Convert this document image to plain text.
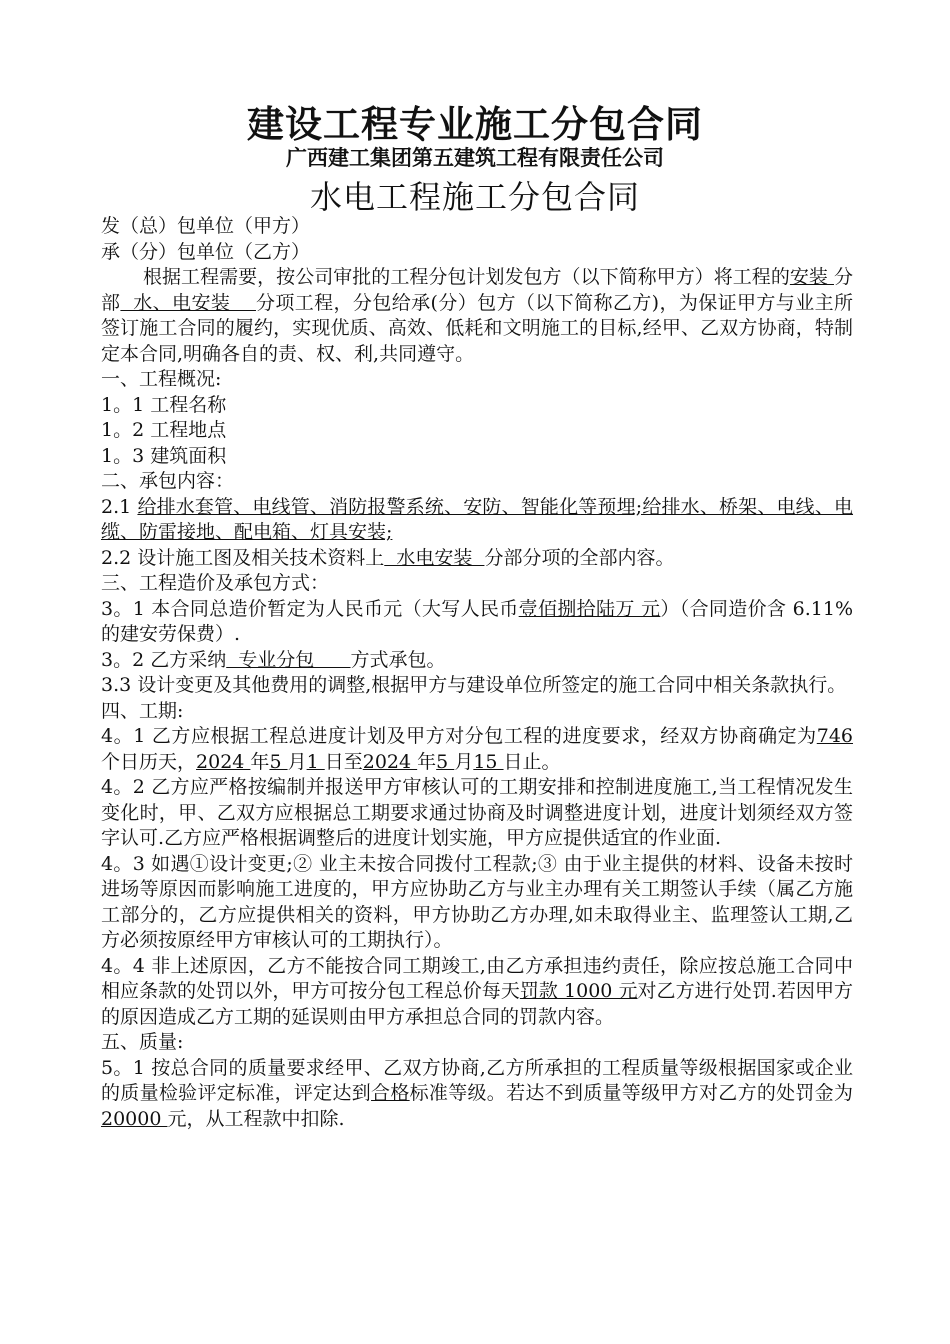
建设工程专业施工分包合同
广西建工集团第五建筑工程有限责任公司
水电工程施工分包合同

发（总）包单位（甲方）

承（分）包单位（乙方）

根据工程需要，按公司审批的工程分包计划发包方（以下简称甲方）将工程的安装 分部  水、电安装    分项工程，分包给承(分）包方（以下简称乙方)，为保证甲方与业主所签订施工合同的履约，实现优质、高效、低耗和文明施工的目标,经甲、乙双方协商，特制定本合同,明确各自的责、权、利,共同遵守。

一、工程概况:

1。1 工程名称

1。2 工程地点

1。3 建筑面积

二、承包内容：

2.1 给排水套管、电线管、消防报警系统、安防、智能化等预埋;给排水、桥架、电线、电缆、防雷接地、配电箱、灯具安装;

2.2 设计施工图及相关技术资料上  水电安装  分部分项的全部内容。

三、工程造价及承包方式：

3。1 本合同总造价暂定为人民币元（大写人民币壹佰捌拾陆万 元）（合同造价含 6.11%的建安劳保费）.

3。2 乙方采纳  专业分包      方式承包。

3.3 设计变更及其他费用的调整,根据甲方与建设单位所签定的施工合同中相关条款执行。

四、工期:

4。1 乙方应根据工程总进度计划及甲方对分包工程的进度要求，经双方协商确定为746 个日历天，2024 年5 月1 日至2024 年5 月15 日止。

4。2 乙方应严格按编制并报送甲方审核认可的工期安排和控制进度施工,当工程情况发生变化时，甲、乙双方应根据总工期要求通过协商及时调整进度计划，进度计划须经双方签字认可.乙方应严格根据调整后的进度计划实施，甲方应提供适宜的作业面.

4。3 如遇①设计变更;② 业主未按合同拨付工程款;③ 由于业主提供的材料、设备未按时进场等原因而影响施工进度的，甲方应协助乙方与业主办理有关工期签认手续（属乙方施工部分的，乙方应提供相关的资料，甲方协助乙方办理,如未取得业主、监理签认工期,乙方必须按原经甲方审核认可的工期执行）。

4。4 非上述原因，乙方不能按合同工期竣工,由乙方承担违约责任，除应按总施工合同中相应条款的处罚以外，甲方可按分包工程总价每天罚款 1000 元对乙方进行处罚.若因甲方的原因造成乙方工期的延误则由甲方承担总合同的罚款内容。

五、质量:

5。1 按总合同的质量要求经甲、乙双方协商,乙方所承担的工程质量等级根据国家或企业的质量检验评定标准，评定达到合格标准等级。若达不到质量等级甲方对乙方的处罚金为20000 元，从工程款中扣除.
